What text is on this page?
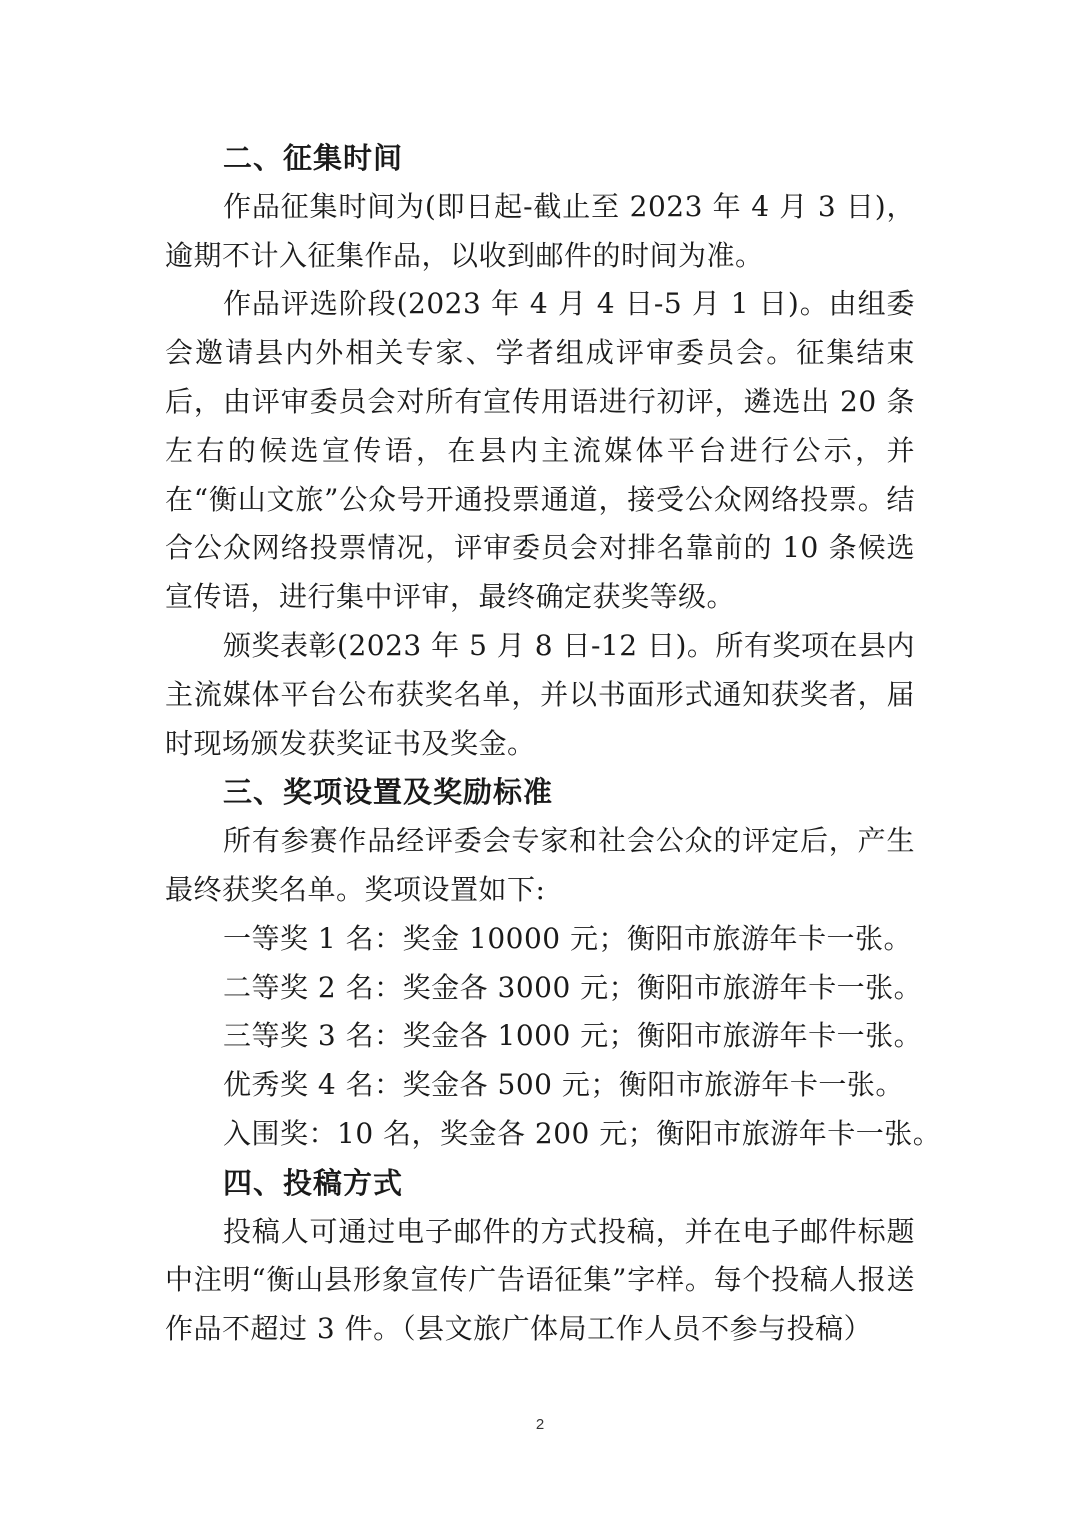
二、征集时间

作品征集时间为(即日起-截止至 2023 年 4 月 3 日)，逾期不计入征集作品，以收到邮件的时间为准。

作品评选阶段(2023 年 4 月 4 日-5 月 1 日)。由组委会邀请县内外相关专家、学者组成评审委员会。征集结束后，由评审委员会对所有宣传用语进行初评，遴选出 20 条左右的候选宣传语，在县内主流媒体平台进行公示，并在“衡山文旅”公众号开通投票通道，接受公众网络投票。结合公众网络投票情况，评审委员会对排名靠前的 10 条候选宣传语，进行集中评审，最终确定获奖等级。

颁奖表彰(2023 年 5 月 8 日-12 日)。所有奖项在县内主流媒体平台公布获奖名单，并以书面形式通知获奖者，届时现场颁发获奖证书及奖金。

三、奖项设置及奖励标准

所有参赛作品经评委会专家和社会公众的评定后，产生最终获奖名单。奖项设置如下:

一等奖 1 名：奖金 10000 元；衡阳市旅游年卡一张。
二等奖 2 名：奖金各 3000 元；衡阳市旅游年卡一张。
三等奖 3 名：奖金各 1000 元；衡阳市旅游年卡一张。
优秀奖 4 名：奖金各 500 元；衡阳市旅游年卡一张。
入围奖：10 名，奖金各 200 元；衡阳市旅游年卡一张。
四、投稿方式

投稿人可通过电子邮件的方式投稿，并在电子邮件标题中注明“衡山县形象宣传广告语征集”字样。每个投稿人报送作品不超过 3 件。（县文旅广体局工作人员不参与投稿）

2
